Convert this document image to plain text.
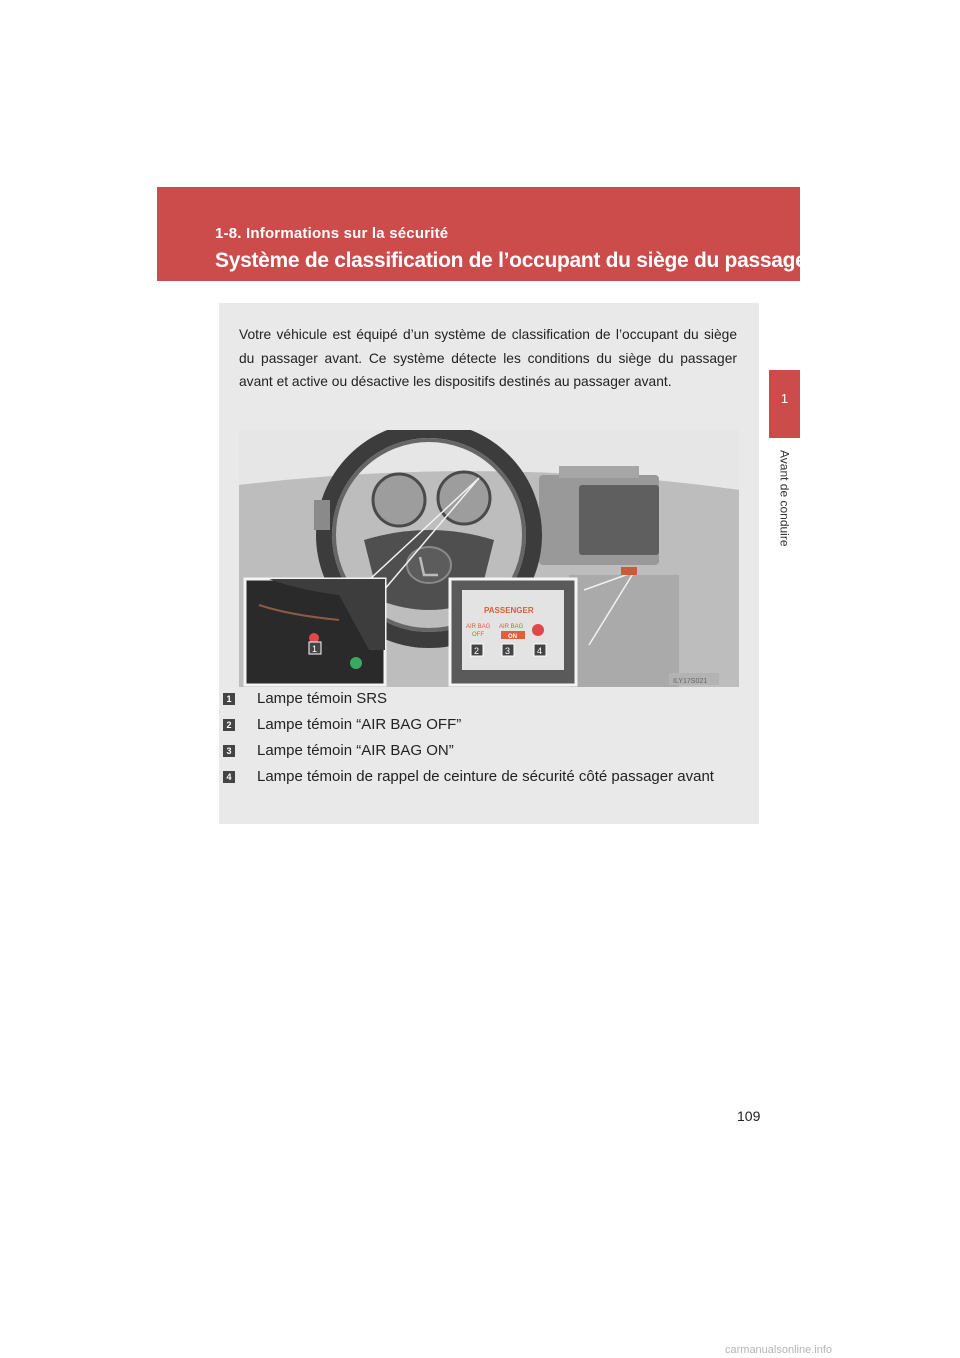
1-8. Informations sur la sécurité
Système de classification de l’occupant du siège du passager avant
1
Avant de conduire
Votre véhicule est équipé d’un système de classification de l’occupant du siège du passager avant. Ce système détecte les conditions du siège du passager avant et active ou désactive les dispositifs destinés au passager avant.
PASSENGER
AIR BAG
OFF
AIR BAG
ON
1	2	3	4
ILY17S021
1 Lampe témoin SRS
2 Lampe témoin “AIR BAG OFF”
3 Lampe témoin “AIR BAG ON”
4 Lampe témoin de rappel de ceinture de sécurité côté passager avant
109
carmanualsonline.info
